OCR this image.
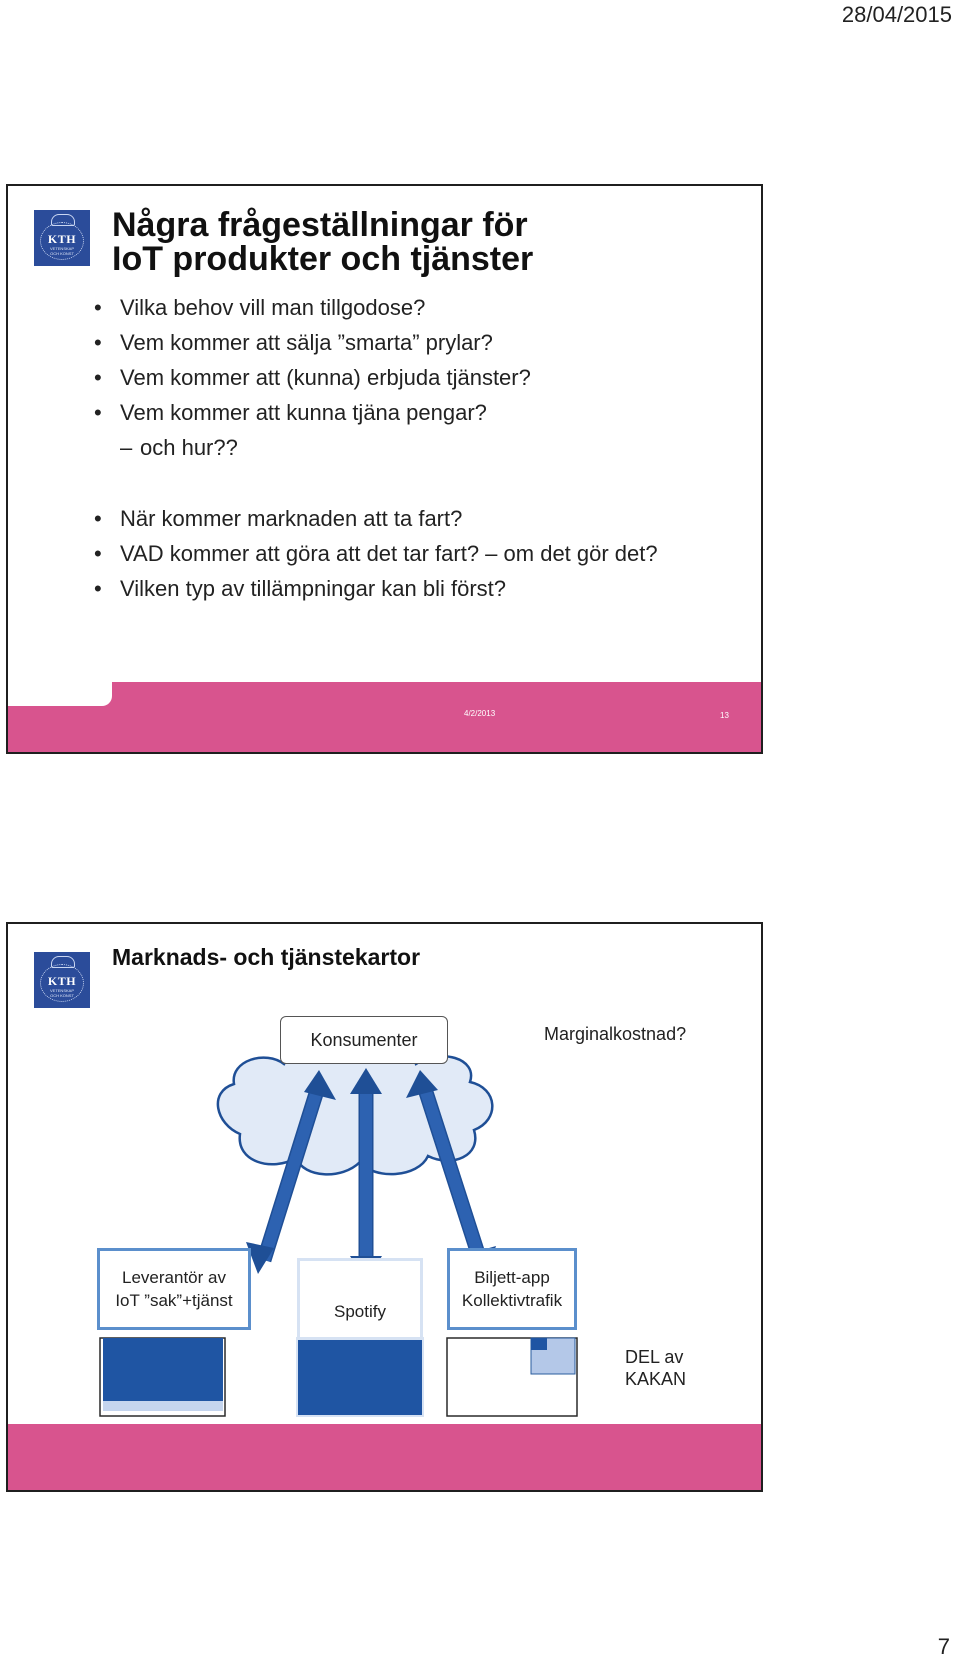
28/04/2015
KTH
VETENSKAP
OCH KONST
Några frågeställningar för
IoT produkter och tjänster
• Vilka behov vill man tillgodose?
• Vem kommer att sälja ”smarta” prylar?
• Vem kommer att (kunna) erbjuda tjänster?
• Vem kommer att kunna tjäna pengar?
– och hur??
• När kommer marknaden att ta fart?
• VAD kommer att göra att det tar fart? – om det gör det?
• Vilken typ av tillämpningar kan bli först?
4/2/2013	13
KTH
VETENSKAP
OCH KONST
Marknads- och tjänstekartor
Konsumenter	Marginalkostnad?
Leverantör av
IoT ”sak”+tjänst
Spotify
Biljett-app
Kollektivtrafik
DEL av
KAKAN
7
